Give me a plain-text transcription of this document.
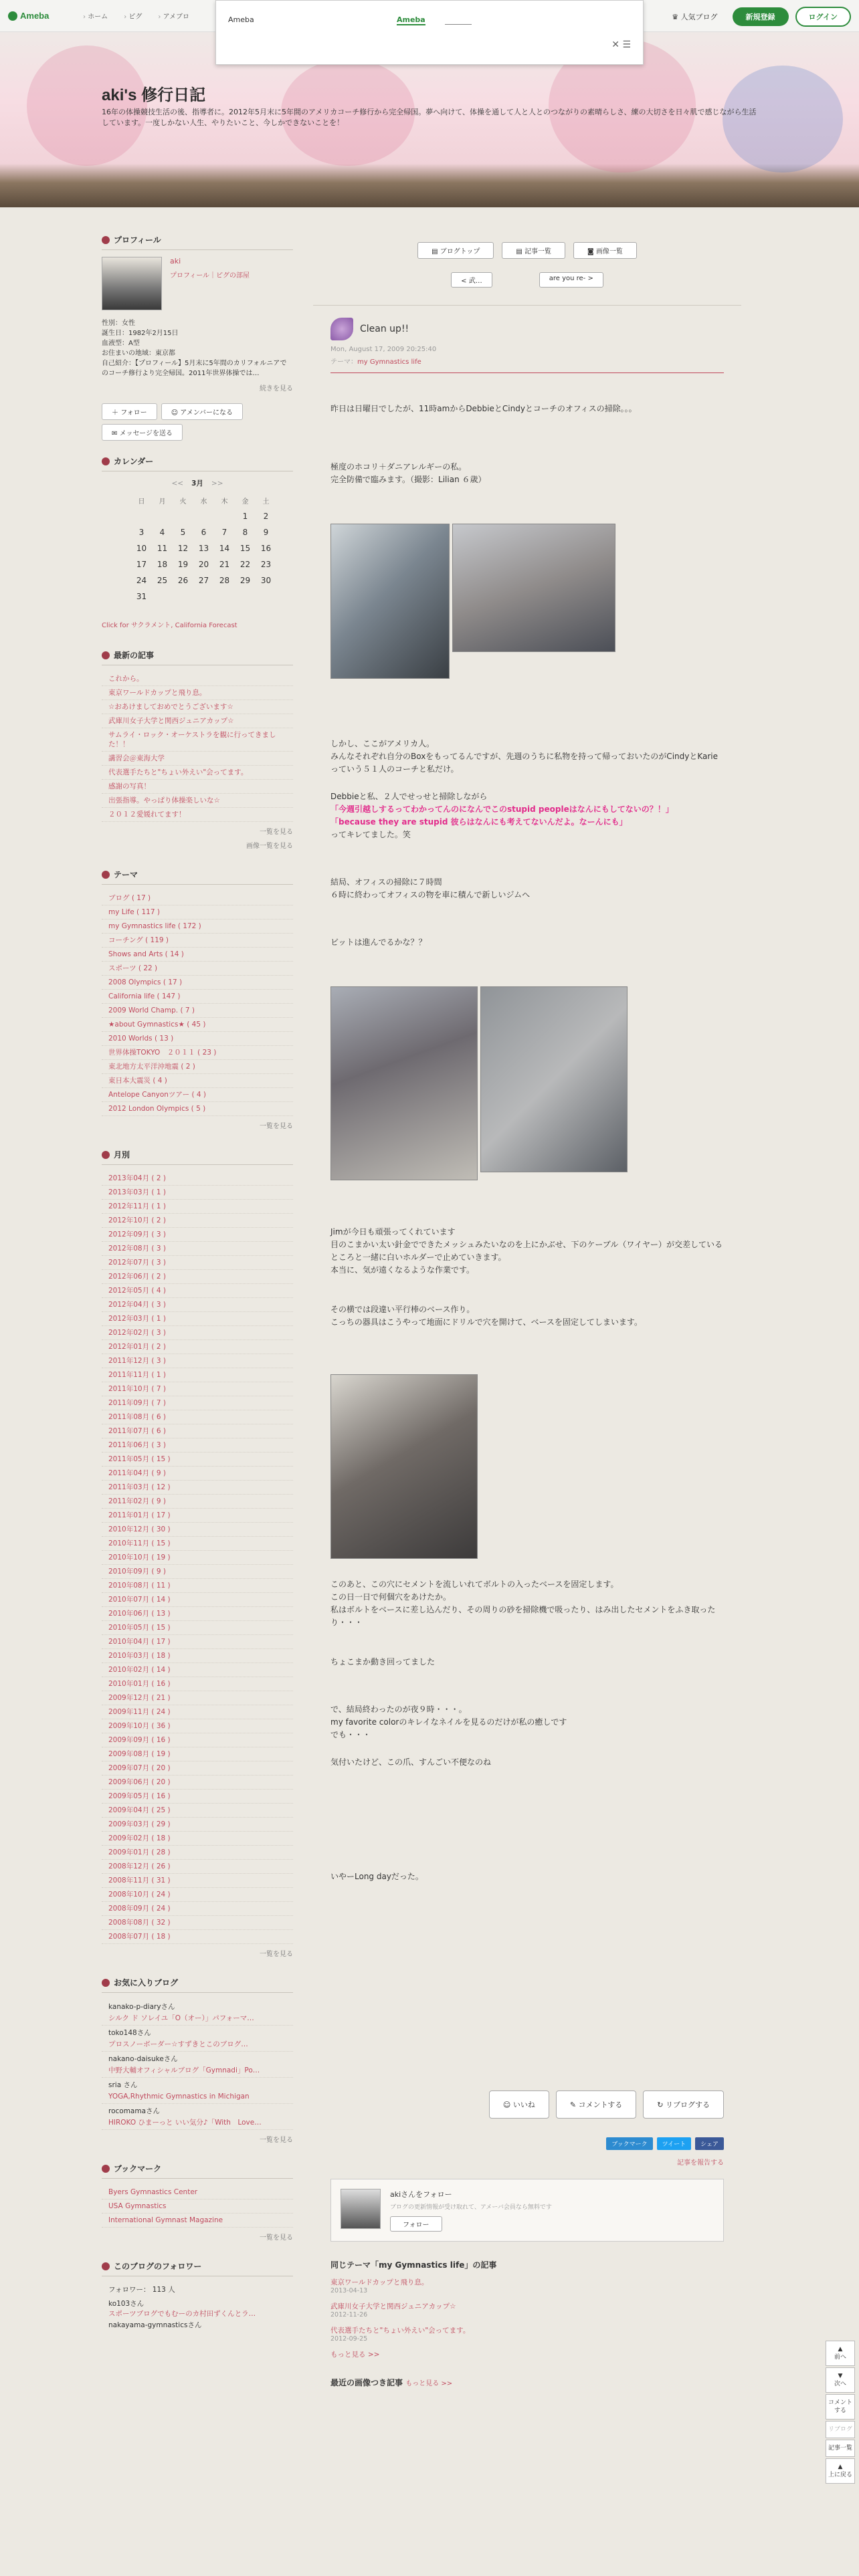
Ameba	› ホーム	› ピグ	› アメブロ	♛ 人気ブログ	新規登録	ログイン
Ameba	Ameba
✕ ☰
aki's 修行日記
16年の体操競技生活の後、指導者に。2012年5月末に5年間のアメリカコーチ修行から完全帰国。夢へ向けて、体操を通して人と人とのつながりの素晴らしさ、練の大切さを日々肌で感じながら生活しています。一度しかない人生、やりたいこと、今しかできないことを！
プロフィール
aki
プロフィール｜ピグの部屋
性別：女性
誕生日：1982年2月15日
血液型：A型
お住まいの地域：東京都
自己紹介：【プロフィール】5月末に5年間のカリフォルニアでのコーチ修行より完全帰国。2011年世界体操では…
続きを見る
＋ フォロー	☺ アメンバーになる
✉ メッセージを送る
カレンダー
<< 3月 >>
日	月	火	水	木	金	土
					1	2
3	4	5	6	7	8	9
10	11	12	13	14	15	16
17	18	19	20	21	22	23
24	25	26	27	28	29	30
31						
Click for サクラメント, California Forecast
最新の記事
これから。
東京ワールドカップと飛り息。
☆おあけましておめでとうございます☆
武庫川女子大学と関西ジュニアカップ☆
サムライ・ロック・オーケストラを観に行ってきました！！
講習会＠東海大学
代表選手たちと"ちょい外えい"会ってます。
感謝の写真！
出張指導。やっぱり体操楽しいな☆
２０１２愛媛れてます！
一覧を見る
画像一覧を見る
テーマ
ブログ ( 17 )
my Life ( 117 )
my Gymnastics life ( 172 )
コーチング ( 119 )
Shows and Arts ( 14 )
スポーツ ( 22 )
2008 Olympics ( 17 )
California life ( 147 )
2009 World Champ. ( 7 )
★about Gymnastics★ ( 45 )
2010 Worlds ( 13 )
世界体操TOKYO　２０１１ ( 23 )
東北地方太平洋沖地震 ( 2 )
東日本大震災 ( 4 )
Antelope Canyonツアー ( 4 )
2012 London Olympics ( 5 )
一覧を見る
月別
2013年04月 ( 2 )
2013年03月 ( 1 )
2012年11月 ( 1 )
2012年10月 ( 2 )
2012年09月 ( 3 )
2012年08月 ( 3 )
2012年07月 ( 3 )
2012年06月 ( 2 )
2012年05月 ( 4 )
2012年04月 ( 3 )
2012年03月 ( 1 )
2012年02月 ( 3 )
2012年01月 ( 2 )
2011年12月 ( 3 )
2011年11月 ( 1 )
2011年10月 ( 7 )
2011年09月 ( 7 )
2011年08月 ( 6 )
2011年07月 ( 6 )
2011年06月 ( 3 )
2011年05月 ( 15 )
2011年04月 ( 9 )
2011年03月 ( 12 )
2011年02月 ( 9 )
2011年01月 ( 17 )
2010年12月 ( 30 )
2010年11月 ( 15 )
2010年10月 ( 19 )
2010年09月 ( 9 )
2010年08月 ( 11 )
2010年07月 ( 14 )
2010年06月 ( 13 )
2010年05月 ( 15 )
2010年04月 ( 17 )
2010年03月 ( 18 )
2010年02月 ( 14 )
2010年01月 ( 16 )
2009年12月 ( 21 )
2009年11月 ( 24 )
2009年10月 ( 36 )
2009年09月 ( 16 )
2009年08月 ( 19 )
2009年07月 ( 20 )
2009年06月 ( 20 )
2009年05月 ( 16 )
2009年04月 ( 25 )
2009年03月 ( 29 )
2009年02月 ( 18 )
2009年01月 ( 28 )
2008年12月 ( 26 )
2008年11月 ( 31 )
2008年10月 ( 24 )
2008年09月 ( 24 )
2008年08月 ( 32 )
2008年07月 ( 18 )
一覧を見る
お気に入りブログ
kanako-p-diaryさん
シルク ド ソレイユ「O（オー）」パフォーマ…
toko148さん
プロスノーボーダー☆すずきとこのブログ…
nakano-daisukeさん
中野大輔オフィシャルブログ「Gymnadi」Po…
sria さん
YOGA,Rhythmic Gymnastics in Michigan
rocomamaさん
HIROKO ひまーっと いい気分♪「With　Love…
一覧を見る
ブックマーク
Byers Gymnastics Center
USA Gymnastics
International Gymnast Magazine
一覧を見る
このブログのフォロワー
フォロワー： 113 人
ko103さん
スポーツブログでもむーのカ村田ずくんとラ…
nakayama-gymnasticsさん
▤ ブログトップ	▤ 記事一覧	◙ 画像一覧
< 武…	are you re- >
Clean up!!
Mon, August 17, 2009 20:25:40
テーマ：my Gymnastics life
昨日は日曜日でしたが、11時amからDebbieとCindyとコーチのオフィスの掃除。。。
極度のホコリ＋ダニアレルギーの私。
完全防備で臨みます。（撮影：Lilian ６歳）
しかし、ここがアメリカ人。
みんなそれぞれ自分のBoxをもってるんですが、先週のうちに私物を持って帰っておいたのがCindyとKarieっていう５１人のコーチと私だけ。
Debbieと私、２人でせっせと掃除しながら
「今週引越しするってわかってんのになんでこのstupid peopleはなんにもしてないの？！」
「because they are stupid 彼らはなんにも考えてないんだよ。なーんにも」
ってキレてました。笑
結局、オフィスの掃除に７時間
６時に終わってオフィスの物を車に積んで新しいジムへ
ビットは進んでるかな？？
Jimが今日も頑張ってくれています
目のこまかい太い針金でできたメッシュみたいなのを上にかぶせ、下のケーブル（ワイヤー）が交差しているところと一緒に白いホルダーで止めていきます。
本当に、気が遠くなるような作業です。
その横では段違い平行棒のベース作り。
こっちの器具はこうやって地面にドリルで穴を開けて、ベースを固定してしまいます。
このあと、この穴にセメントを流しいれてボルトの入ったベースを固定します。
この日一日で何個穴をあけたか。
私はボルトをベースに差し込んだり、その周りの砂を掃除機で吸ったり、はみ出したセメントをふき取ったり・・・
ちょこまか動き回ってました
で、結局終わったのが夜９時・・・。
my favorite colorのキレイなネイルを見るのだけが私の癒しです
でも・・・
気付いたけど、この爪、すんごい不便なのね
いやーLong dayだった。
☺ いいね	✎ コメントする	↻ リブログする
ブックマーク	ツイート	シェア
記事を報告する
akiさんをフォロー
ブログの更新情報が受け取れて、アメーバ会員なら無料です
フォロー
同じテーマ「my Gymnastics life」の記事
東京ワールドカップと飛り息。
2013-04-13
武庫川女子大学と関西ジュニアカップ☆
2012-11-26
代表選手たちと"ちょい外えい"会ってます。
2012-09-25
もっと見る >>
最近の画像つき記事 もっと見る >>
▲
前へ
▼
次へ
コメントする
リブログ
記事一覧
▲
上に戻る
